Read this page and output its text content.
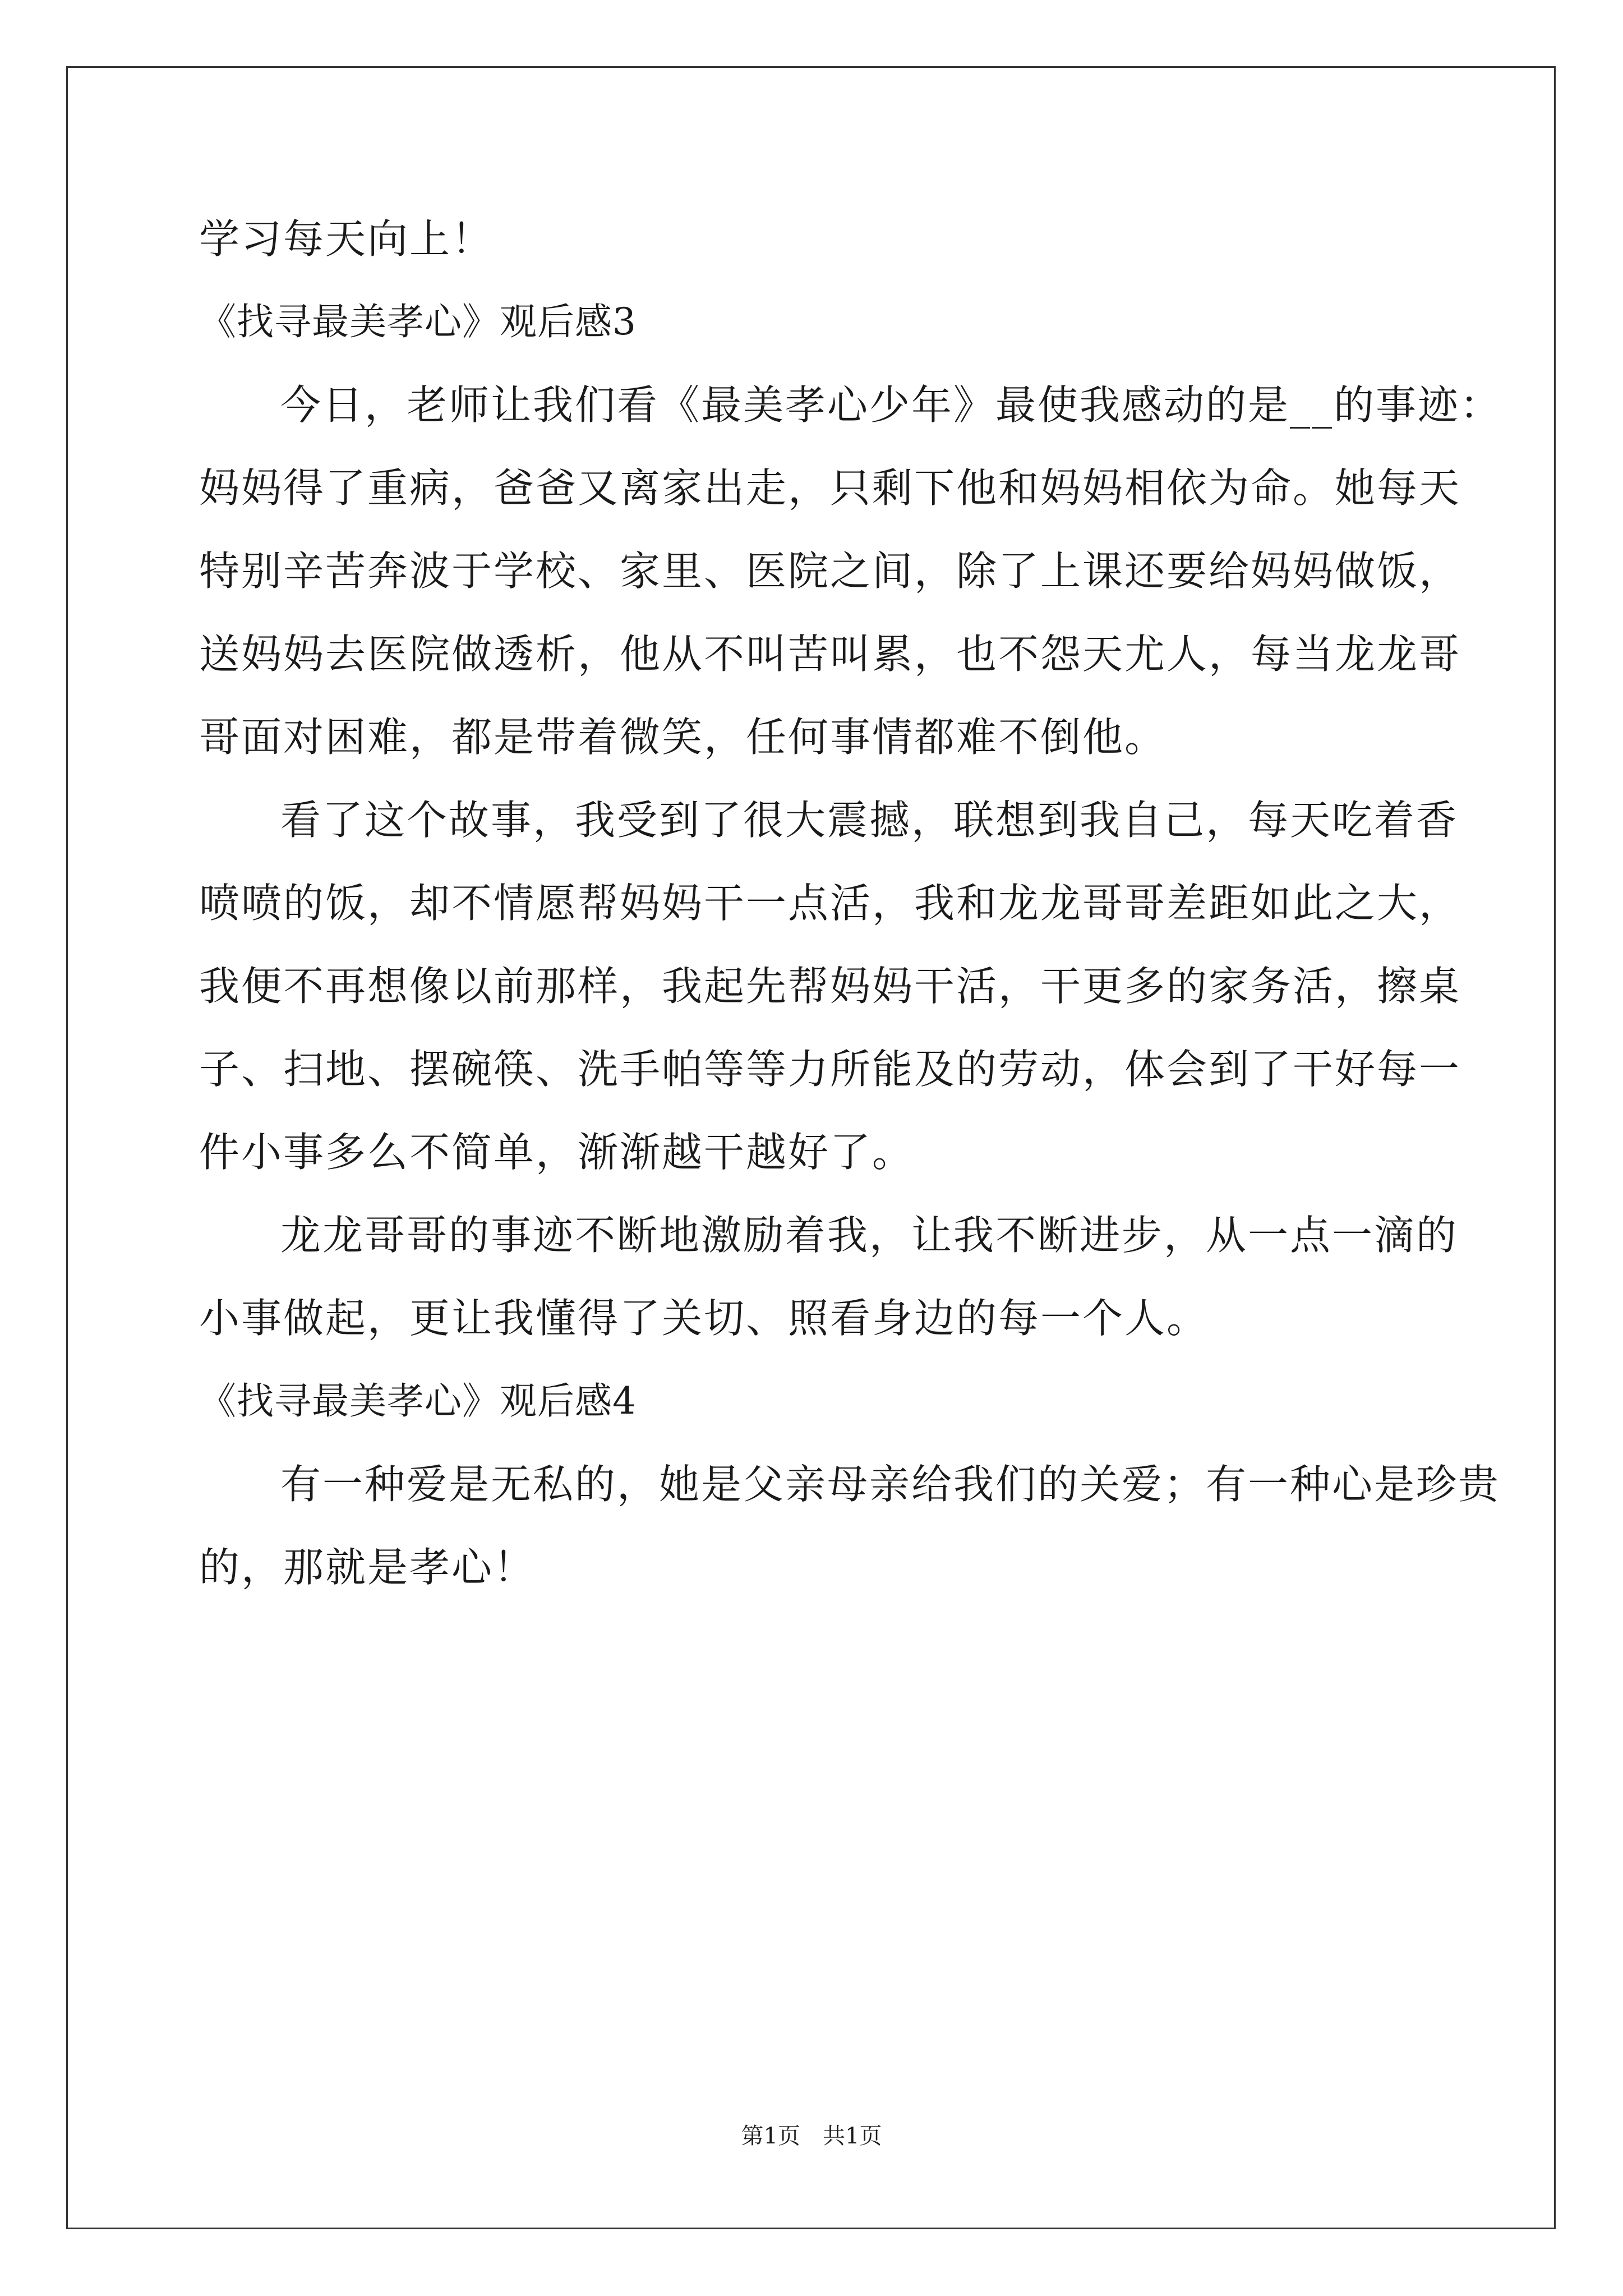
学习每天向上！

《找寻最美孝心》观后感3

今日，老师让我们看《最美孝心少年》最使我感动的是__的事迹：

妈妈得了重病，爸爸又离家出走，只剩下他和妈妈相依为命。她每天

特别辛苦奔波于学校、家里、医院之间，除了上课还要给妈妈做饭，

送妈妈去医院做透析，他从不叫苦叫累，也不怨天尤人，每当龙龙哥

哥面对困难，都是带着微笑，任何事情都难不倒他。

看了这个故事，我受到了很大震撼，联想到我自己，每天吃着香

喷喷的饭，却不情愿帮妈妈干一点活，我和龙龙哥哥差距如此之大，

我便不再想像以前那样，我起先帮妈妈干活，干更多的家务活，擦桌

子、扫地、摆碗筷、洗手帕等等力所能及的劳动，体会到了干好每一

件小事多么不简单，渐渐越干越好了。

龙龙哥哥的事迹不断地激励着我，让我不断进步，从一点一滴的

小事做起，更让我懂得了关切、照看身边的每一个人。

《找寻最美孝心》观后感4

有一种爱是无私的，她是父亲母亲给我们的关爱；有一种心是珍贵

的，那就是孝心！

第1页　共1页
